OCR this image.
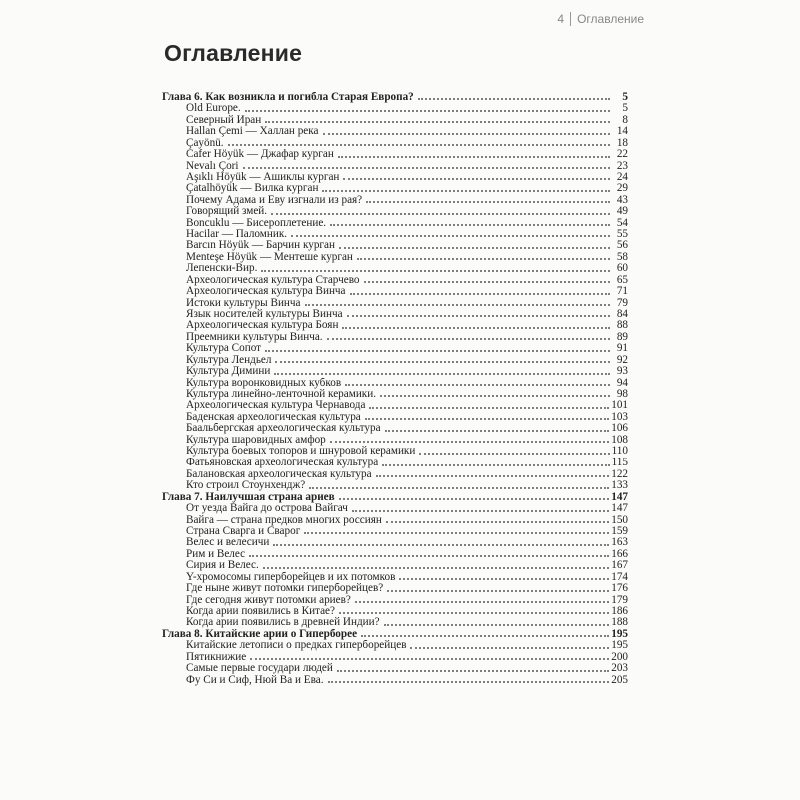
4 Оглавление
Оглавление
Глава 6. Как возникла и погибла Старая Европа?	5
Old Europe.	5
Северный Иран	8
Hallan Çemi — Халлан река	14
Çayönü.	18
Cafer Höyük — Джафар курган	22
Nevalı Çori	23
Aşıklı Höyük — Ашиклы курган	24
Çatalhöyük — Вилка курган	29
Почему Адама и Еву изгнали из рая?	43
Говорящий змей.	49
Boncuklu — Бисероплетение.	54
Hacilar — Паломник.	55
Barcın Höyük — Барчин курган	56
Menteşe Höyük — Ментеше курган	58
Лепенски-Вир.	60
Археологическая культура Старчево	65
Археологическая культура Винча	71
Истоки культуры Винча	79
Язык носителей культуры Винча	84
Археологическая культура Боян	88
Преемники культуры Винча.	89
Культура Сопот	91
Культура Лендьел	92
Культура Димини	93
Культура воронковидных кубков	94
Культура линейно-ленточной керамики.	98
Археологическая культура Чернавода	101
Баденская археологическая культура	103
Баальбергская археологическая культура	106
Культура шаровидных амфор	108
Культура боевых топоров и шнуровой керамики	110
Фатьяновская археологическая культура	115
Балановская археологическая культура	122
Кто строил Стоунхендж?	133
Глава 7. Наилучшая страна ариев	147
От уезда Вайга до острова Вайгач	147
Вайга — страна предков многих россиян	150
Страна Сварга и Сварог	159
Велес и велесичи	163
Рим и Велес	166
Сирия и Велес.	167
Y-хромосомы гиперборейцев и их потомков	174
Где ныне живут потомки гиперборейцев?	176
Где сегодня живут потомки ариев?	179
Когда арии появились в Китае?	186
Когда арии появились в древней Индии?	188
Глава 8. Китайские арии о Гиперборее	195
Китайские летописи о предках гиперборейцев	195
Пятикнижие	200
Самые первые государи людей	203
Фу Си и Сиф, Нюй Ва и Ева.	205
